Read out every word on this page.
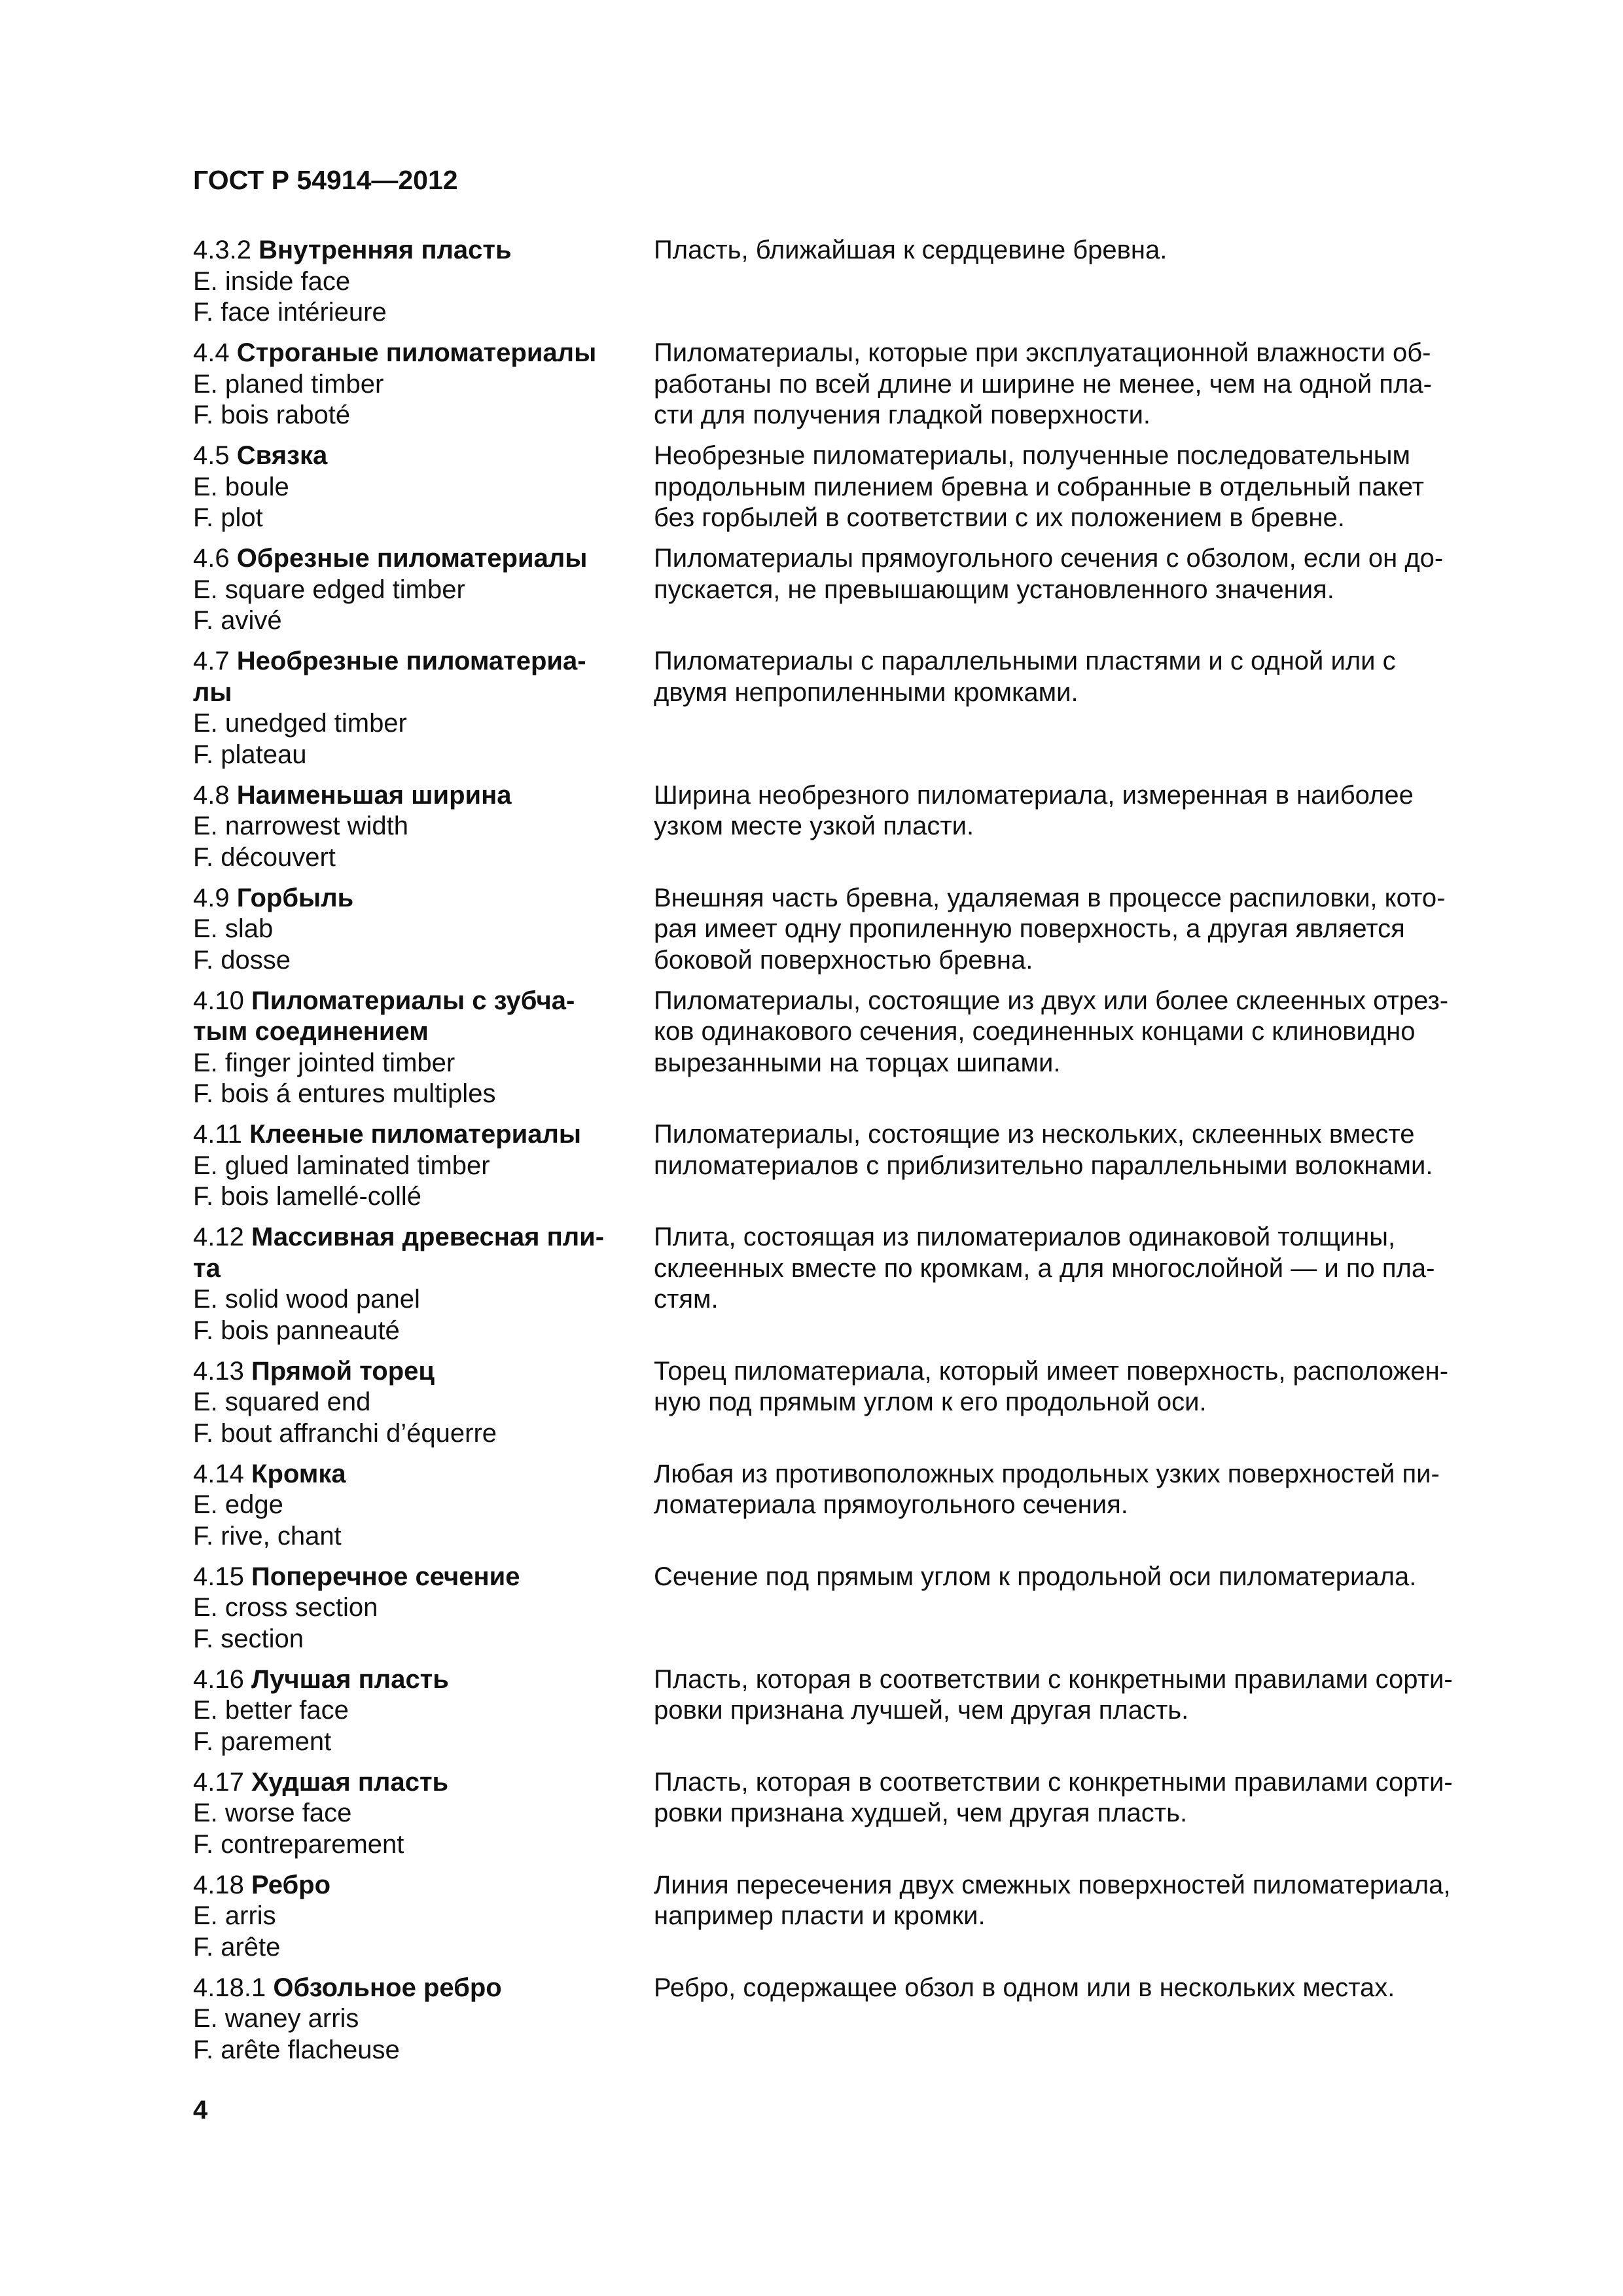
ГОСТ Р 54914—2012
4.3.2 Внутренняя пласть
E. inside face
F. face intérieure
Пласть, ближайшая к сердцевине бревна.
4.4 Строганые пиломатериалы
E. planed timber
F. bois raboté
Пиломатериалы, которые при эксплуатационной влажности об-
работаны по всей длине и ширине не менее, чем на одной пла-
сти для получения гладкой поверхности.
4.5 Связка
E. boule
F. plot
Необрезные пиломатериалы, полученные последовательным
продольным пилением бревна и собранные в отдельный пакет
без горбылей в соответствии с их положением в бревне.
4.6 Обрезные пиломатериалы
E. square edged timber
F. avivé
Пиломатериалы прямоугольного сечения с обзолом, если он до-
пускается, не превышающим установленного значения.
4.7 Необрезные пиломатериа-
лы
E. unedged timber
F. plateau
Пиломатериалы с параллельными пластями и с одной или с
двумя непропиленными кромками.
4.8 Наименьшая ширина
E. narrowest width
F. découvert
Ширина необрезного пиломатериала, измеренная в наиболее
узком месте узкой пласти.
4.9 Горбыль
E. slab
F. dosse
Внешняя часть бревна, удаляемая в процессе распиловки, кото-
рая имеет одну пропиленную поверхность, а другая является
боковой поверхностью бревна.
4.10 Пиломатериалы с зубча-
тым соединением
E. finger jointed timber
F. bois á entures multiples
Пиломатериалы, состоящие из двух или более склеенных отрез-
ков одинакового сечения, соединенных концами с клиновидно
вырезанными на торцах шипами.
4.11 Клееные пиломатериалы
E. glued laminated timber
F. bois lamellé-collé
Пиломатериалы, состоящие из нескольких, склеенных вместе
пиломатериалов с приблизительно параллельными волокнами.
4.12 Массивная древесная пли-
та
E. solid wood panel
F. bois panneauté
Плита, состоящая из пиломатериалов одинаковой толщины,
склеенных вместе по кромкам, а для многослойной — и по пла-
стям.
4.13 Прямой торец
E. squared end
F. bout affranchi d’équerre
Торец пиломатериала, который имеет поверхность, расположен-
ную под прямым углом к его продольной оси.
4.14 Кромка
E. edge
F. rive, chant
Любая из противоположных продольных узких поверхностей пи-
ломатериала прямоугольного сечения.
4.15 Поперечное сечение
E. cross section
F. section
Сечение под прямым углом к продольной оси пиломатериала.
4.16 Лучшая пласть
E. better face
F. parement
Пласть, которая в соответствии с конкретными правилами сорти-
ровки признана лучшей, чем другая пласть.
4.17 Худшая пласть
E. worse face
F. contreparement
Пласть, которая в соответствии с конкретными правилами сорти-
ровки признана худшей, чем другая пласть.
4.18 Ребро
E. arris
F. arête
Линия пересечения двух смежных поверхностей пиломатериала,
например пласти и кромки.
4.18.1 Обзольное ребро
E. waney arris
F. arête flacheuse
Ребро, содержащее обзол в одном или в нескольких местах.
4
